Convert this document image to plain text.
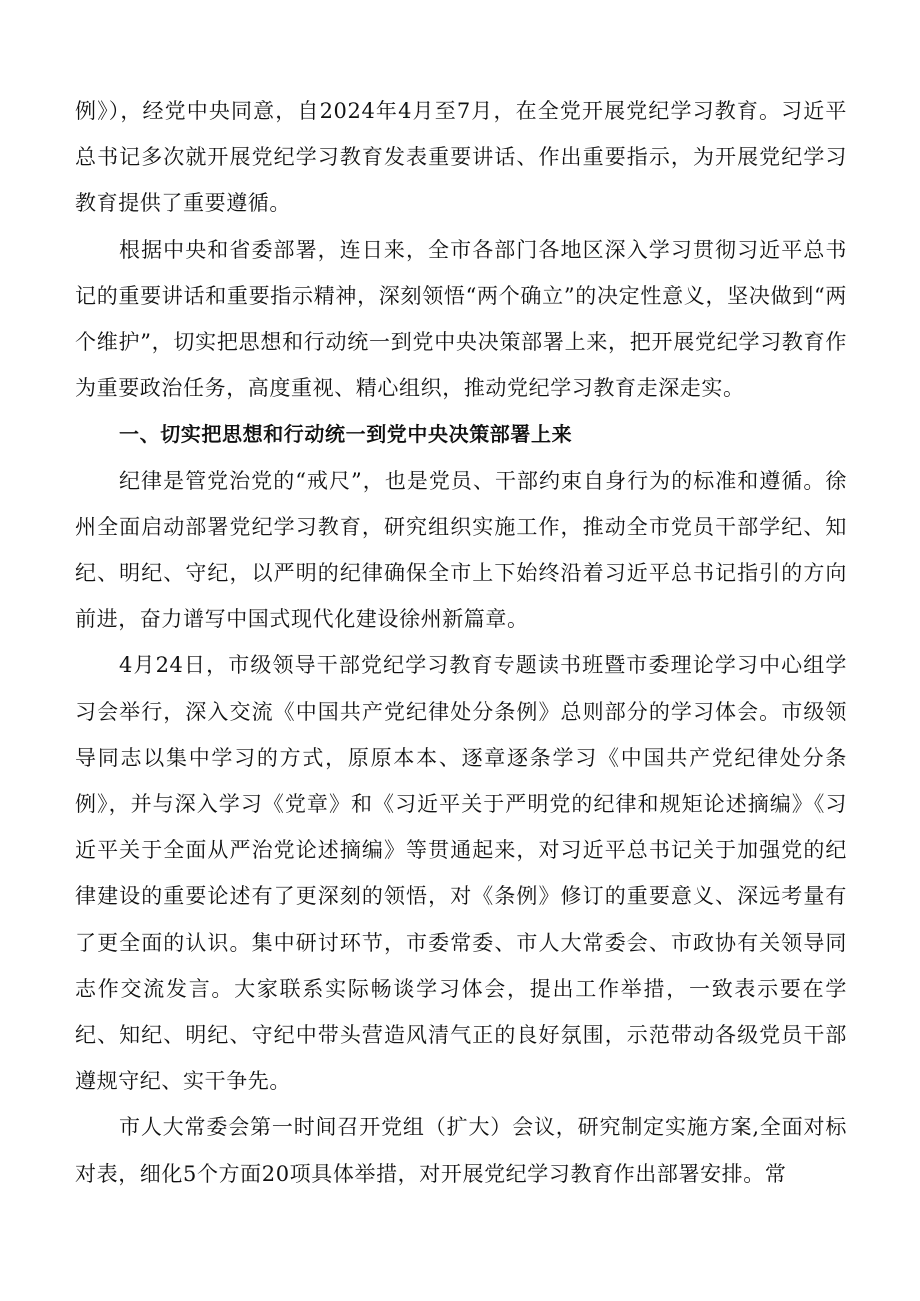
例》），经党中央同意，自2024年4月至7月，在全党开展党纪学习教育。习近平总书记多次就开展党纪学习教育发表重要讲话、作出重要指示，为开展党纪学习教育提供了重要遵循。

根据中央和省委部署，连日来，全市各部门各地区深入学习贯彻习近平总书记的重要讲话和重要指示精神，深刻领悟“两个确立”的决定性意义，坚决做到“两个维护”，切实把思想和行动统一到党中央决策部署上来，把开展党纪学习教育作为重要政治任务，高度重视、精心组织，推动党纪学习教育走深走实。

一、切实把思想和行动统一到党中央决策部署上来

纪律是管党治党的“戒尺”，也是党员、干部约束自身行为的标准和遵循。徐州全面启动部署党纪学习教育，研究组织实施工作，推动全市党员干部学纪、知纪、明纪、守纪，以严明的纪律确保全市上下始终沿着习近平总书记指引的方向前进，奋力谱写中国式现代化建设徐州新篇章。

4月24日，市级领导干部党纪学习教育专题读书班暨市委理论学习中心组学习会举行，深入交流《中国共产党纪律处分条例》总则部分的学习体会。市级领导同志以集中学习的方式，原原本本、逐章逐条学习《中国共产党纪律处分条例》，并与深入学习《党章》和《习近平关于严明党的纪律和规矩论述摘编》《习近平关于全面从严治党论述摘编》等贯通起来，对习近平总书记关于加强党的纪律建设的重要论述有了更深刻的领悟，对《条例》修订的重要意义、深远考量有了更全面的认识。集中研讨环节，市委常委、市人大常委会、市政协有关领导同志作交流发言。大家联系实际畅谈学习体会，提出工作举措，一致表示要在学纪、知纪、明纪、守纪中带头营造风清气正的良好氛围，示范带动各级党员干部遵规守纪、实干争先。

市人大常委会第一时间召开党组（扩大）会议，研究制定实施方案,全面对标对表，细化5个方面20项具体举措，对开展党纪学习教育作出部署安排。常
